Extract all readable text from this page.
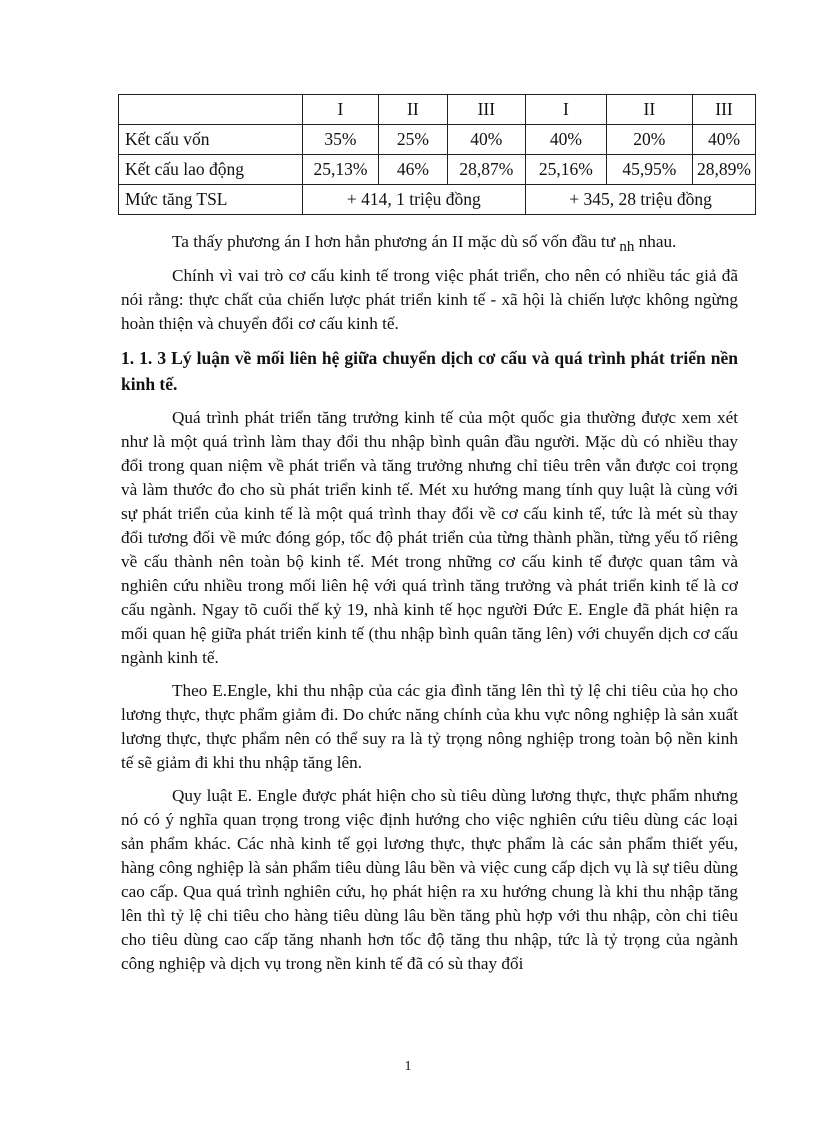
	I	II	III	I	II	III
Kết cấu vốn	35%	25%	40%	40%	20%	40%
Kết cấu lao động	25,13%	46%	28,87%	25,16%	45,95%	28,89%
Mức tăng TSL	+ 414, 1 triệu đồng			+ 345, 28 triệu đồng		

Ta thấy phương án I hơn hẳn phương án II mặc dù số vốn đầu tư nh nhau.

Chính vì vai trò cơ cấu kinh tế trong việc phát triển, cho nên có nhiều tác giả đã nói rằng: thực chất của chiến lược phát triển kinh tế - xã hội là chiến lược không ngừng hoàn thiện và chuyển đổi cơ cấu kinh tế.

1. 1. 3 Lý luận về mối liên hệ giữa chuyển dịch cơ cấu và quá trình phát triển nền kinh tế.

Quá trình phát triển tăng trưởng kinh tế của một quốc gia thường được xem xét như là một quá trình làm thay đổi thu nhập bình quân đầu người. Mặc dù có nhiều thay đổi trong quan niệm về phát triển và tăng trưởng nhưng chỉ tiêu trên vẫn được coi trọng và làm thước đo cho sù phát triển kinh tế. Mét xu hướng mang tính quy luật là cùng với sự phát triển của kinh tế là một quá trình thay đổi về cơ cấu kinh tế, tức là mét sù thay đổi tương đối về mức đóng góp, tốc độ phát triển của từng thành phần, từng yếu tố riêng về cấu thành nên toàn bộ kinh tế. Mét trong những cơ cấu kinh tế được quan tâm và nghiên cứu nhiều trong mối liên hệ với quá trình tăng trưởng và phát triển kinh tế là cơ cấu ngành. Ngay tõ cuối thế kỷ 19, nhà kinh tế học người Đức E. Engle đã phát hiện ra mối quan hệ giữa phát triển kinh tế (thu nhập bình quân tăng lên) với chuyển dịch cơ cấu ngành kinh tế.

Theo E.Engle, khi thu nhập của các gia đình tăng lên thì tỷ lệ chi tiêu của họ cho lương thực, thực phẩm giảm đi. Do chức năng chính của khu vực nông nghiệp là sản xuất lương thực, thực phẩm nên có thể suy ra là tỷ trọng nông nghiệp trong toàn bộ nền kinh tế sẽ giảm đi khi thu nhập tăng lên.

Quy luật E. Engle được phát hiện cho sù tiêu dùng lương thực, thực phẩm nhưng nó có ý nghĩa quan trọng trong việc định hướng cho việc nghiên cứu tiêu dùng các loại sản phẩm khác. Các nhà kinh tế gọi lương thực, thực phẩm là các sản phẩm thiết yếu, hàng công nghiệp là sản phẩm tiêu dùng lâu bền và việc cung cấp dịch vụ là sự tiêu dùng cao cấp. Qua quá trình nghiên cứu, họ phát hiện ra xu hướng chung là khi thu nhập tăng lên thì tỷ lệ chi tiêu cho hàng tiêu dùng lâu bền tăng phù hợp với thu nhập, còn chi tiêu cho tiêu dùng cao cấp tăng nhanh hơn tốc độ tăng thu nhập, tức là tỷ trọng của ngành công nghiệp và dịch vụ trong nền kinh tế đã có sù thay đổi

1
